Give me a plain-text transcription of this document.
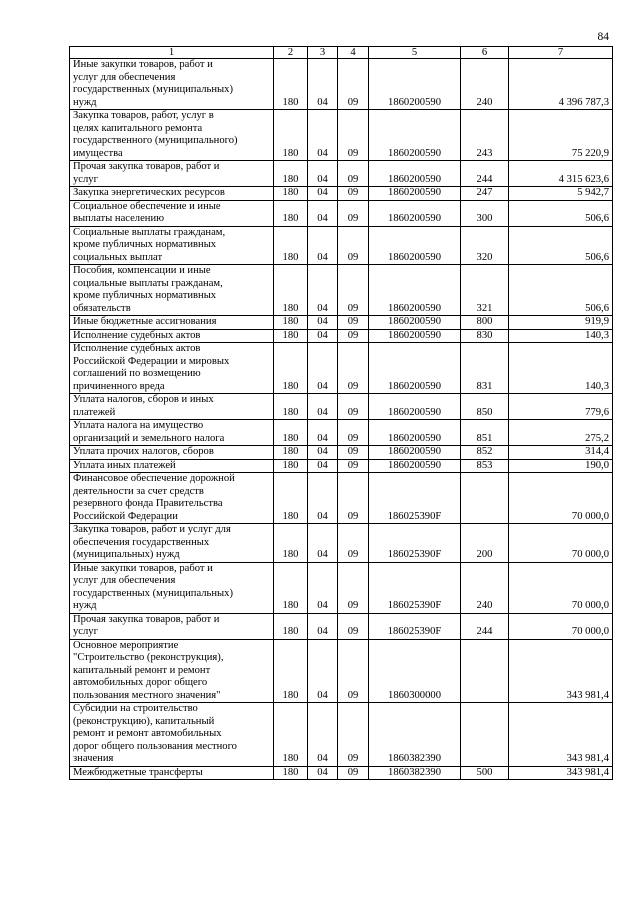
84
1	2	3	4	5	6	7

Иные закупки товаров, работ и
услуг для обеспечения
государственных (муниципальных)
нужд	180	04	09	1860200590	240	4 396 787,3

Закупка товаров, работ, услуг в
целях капитального ремонта
государственного (муниципального)
имущества	180	04	09	1860200590	243	75 220,9

Прочая закупка товаров, работ и
услуг	180	04	09	1860200590	244	4 315 623,6

Закупка энергетических ресурсов	180	04	09	1860200590	247	5 942,7

Социальное обеспечение и иные
выплаты населению	180	04	09	1860200590	300	506,6

Социальные выплаты гражданам,
кроме публичных нормативных
социальных выплат	180	04	09	1860200590	320	506,6

Пособия, компенсации и иные
социальные выплаты гражданам,
кроме публичных нормативных
обязательств	180	04	09	1860200590	321	506,6

Иные бюджетные ассигнования	180	04	09	1860200590	800	919,9

Исполнение судебных актов	180	04	09	1860200590	830	140,3

Исполнение судебных актов
Российской Федерации и мировых
соглашений по возмещению
причиненного вреда	180	04	09	1860200590	831	140,3

Уплата налогов, сборов и иных
платежей	180	04	09	1860200590	850	779,6

Уплата налога на имущество
организаций и земельного налога	180	04	09	1860200590	851	275,2

Уплата прочих налогов, сборов	180	04	09	1860200590	852	314,4

Уплата иных платежей	180	04	09	1860200590	853	190,0

Финансовое обеспечение дорожной
деятельности за счет средств
резервного фонда Правительства
Российской Федерации	180	04	09	186025390F		70 000,0

Закупка товаров, работ и услуг для
обеспечения государственных
(муниципальных) нужд	180	04	09	186025390F	200	70 000,0

Иные закупки товаров, работ и
услуг для обеспечения
государственных (муниципальных)
нужд	180	04	09	186025390F	240	70 000,0

Прочая закупка товаров, работ и
услуг	180	04	09	186025390F	244	70 000,0

Основное мероприятие
"Строительство (реконструкция),
капитальный ремонт и ремонт
автомобильных дорог общего
пользования местного значения"	180	04	09	1860300000		343 981,4

Субсидии на строительство
(реконструкцию), капитальный
ремонт и ремонт автомобильных
дорог общего пользования местного
значения	180	04	09	1860382390		343 981,4

Межбюджетные трансферты	180	04	09	1860382390	500	343 981,4
